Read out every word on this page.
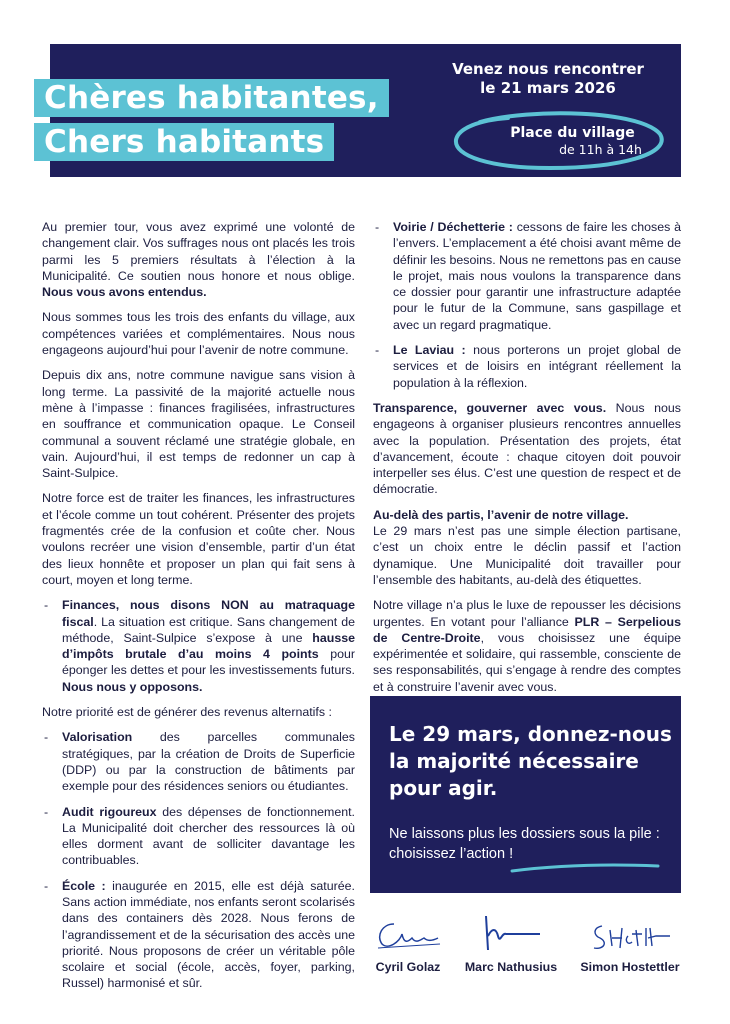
Chères habitantes,
Chers habitants
Venez nous rencontrer
le 21 mars 2026
Place du village
de 11h à 14h

Au premier tour, vous avez exprimé une volonté de changement clair. Vos suffrages nous ont placés les trois parmi les 5 premiers résultats à l’élection à la Municipalité. Ce soutien nous honore et nous oblige. Nous vous avons entendus.

Nous sommes tous les trois des enfants du village, aux compétences variées et complémentaires. Nous nous engageons aujourd’hui pour l’avenir de notre commune.

Depuis dix ans, notre commune navigue sans vision à long terme. La passivité de la majorité actuelle nous mène à l’impasse : finances fragilisées, infrastructures en souffrance et communication opaque. Le Conseil communal a souvent réclamé une stratégie globale, en vain. Aujourd’hui, il est temps de redonner un cap à Saint-Sulpice.

Notre force est de traiter les finances, les infrastructures et l’école comme un tout cohérent. Présenter des projets fragmentés crée de la confusion et coûte cher. Nous voulons recréer une vision d’ensemble, partir d’un état des lieux honnête et proposer un plan qui fait sens à court, moyen et long terme.

- Finances, nous disons NON au matraquage fiscal. La situation est critique. Sans changement de méthode, Saint-Sulpice s’expose à une hausse d’impôts brutale d’au moins 4 points pour éponger les dettes et pour les investissements futurs. Nous nous y opposons.

Notre priorité est de générer des revenus alternatifs :

- Valorisation des parcelles communales stratégiques, par la création de Droits de Superficie (DDP) ou par la construction de bâtiments par exemple pour des résidences seniors ou étudiantes.
- Audit rigoureux des dépenses de fonctionnement. La Municipalité doit chercher des ressources là où elles dorment avant de solliciter davantage les contribuables.
- École : inaugurée en 2015, elle est déjà saturée. Sans action immédiate, nos enfants seront scolarisés dans des containers dès 2028. Nous ferons de l’agrandissement et de la sécurisation des accès une priorité. Nous proposons de créer un véritable pôle scolaire et social (école, accès, foyer, parking, Russel) harmonisé et sûr.
- Voirie / Déchetterie : cessons de faire les choses à l’envers. L’emplacement a été choisi avant même de définir les besoins. Nous ne remettons pas en cause le projet, mais nous voulons la transparence dans ce dossier pour garantir une infrastructure adaptée pour le futur de la Commune, sans gaspillage et avec un regard pragmatique.
- Le Laviau : nous porterons un projet global de services et de loisirs en intégrant réellement la population à la réflexion.

Transparence, gouverner avec vous. Nous nous engageons à organiser plusieurs rencontres annuelles avec la population. Présentation des projets, état d’avancement, écoute : chaque citoyen doit pouvoir interpeller ses élus. C’est une question de respect et de démocratie.

Au-delà des partis, l’avenir de notre village.
Le 29 mars n’est pas une simple élection partisane, c’est un choix entre le déclin passif et l’action dynamique. Une Municipalité doit travailler pour l’ensemble des habitants, au-delà des étiquettes.

Notre village n’a plus le luxe de repousser les décisions urgentes. En votant pour l’alliance PLR – Serpelious de Centre-Droite, vous choisissez une équipe expérimentée et solidaire, qui rassemble, consciente de ses responsabilités, qui s’engage à rendre des comptes et à construire l’avenir avec vous.

Le 29 mars, donnez-nous la majorité nécessaire pour agir.
Ne laissons plus les dossiers sous la pile : choisissez l’action !
Cyril Golaz	Marc Nathusius	Simon Hostettler
